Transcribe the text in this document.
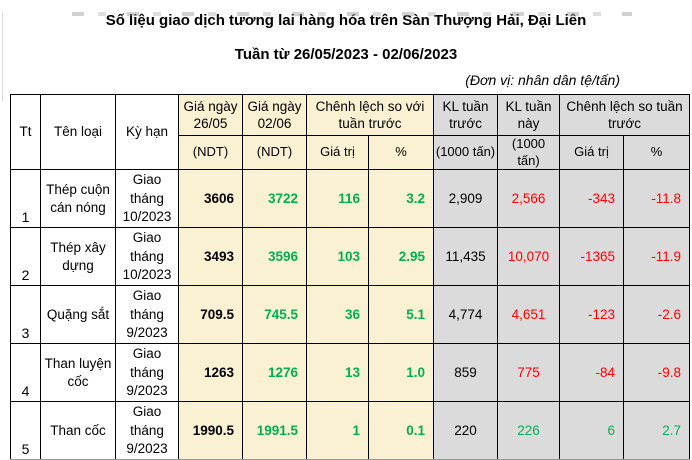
Số liệu giao dịch tương lai hàng hóa trên Sàn Thượng Hải, Đại Liên
Tuần từ 26/05/2023 - 02/06/2023
(Đơn vị: nhân dân tệ/tấn)
Tt	Tên loại	Kỳ hạn	Giá ngày 26/05	Giá ngày 02/06	Chênh lệch so với tuần trước		KL tuần trước	KL tuần này	Chênh lệch so tuần trước	
			(NDT)	(NDT)	Giá trị	%	(1000 tấn)	(1000 tấn)	Giá trị	%
1	Thép cuộn cán nóng	Giao tháng 10/2023	3606	3722	116	3.2	2,909	2,566	-343	-11.8
2	Thép xây dựng	Giao tháng 10/2023	3493	3596	103	2.95	11,435	10,070	-1365	-11.9
3	Quặng sắt	Giao tháng 9/2023	709.5	745.5	36	5.1	4,774	4,651	-123	-2.6
4	Than luyện cốc	Giao tháng 9/2023	1263	1276	13	1.0	859	775	-84	-9.8
5	Than cốc	Giao tháng 9/2023	1990.5	1991.5	1	0.1	220	226	6	2.7
